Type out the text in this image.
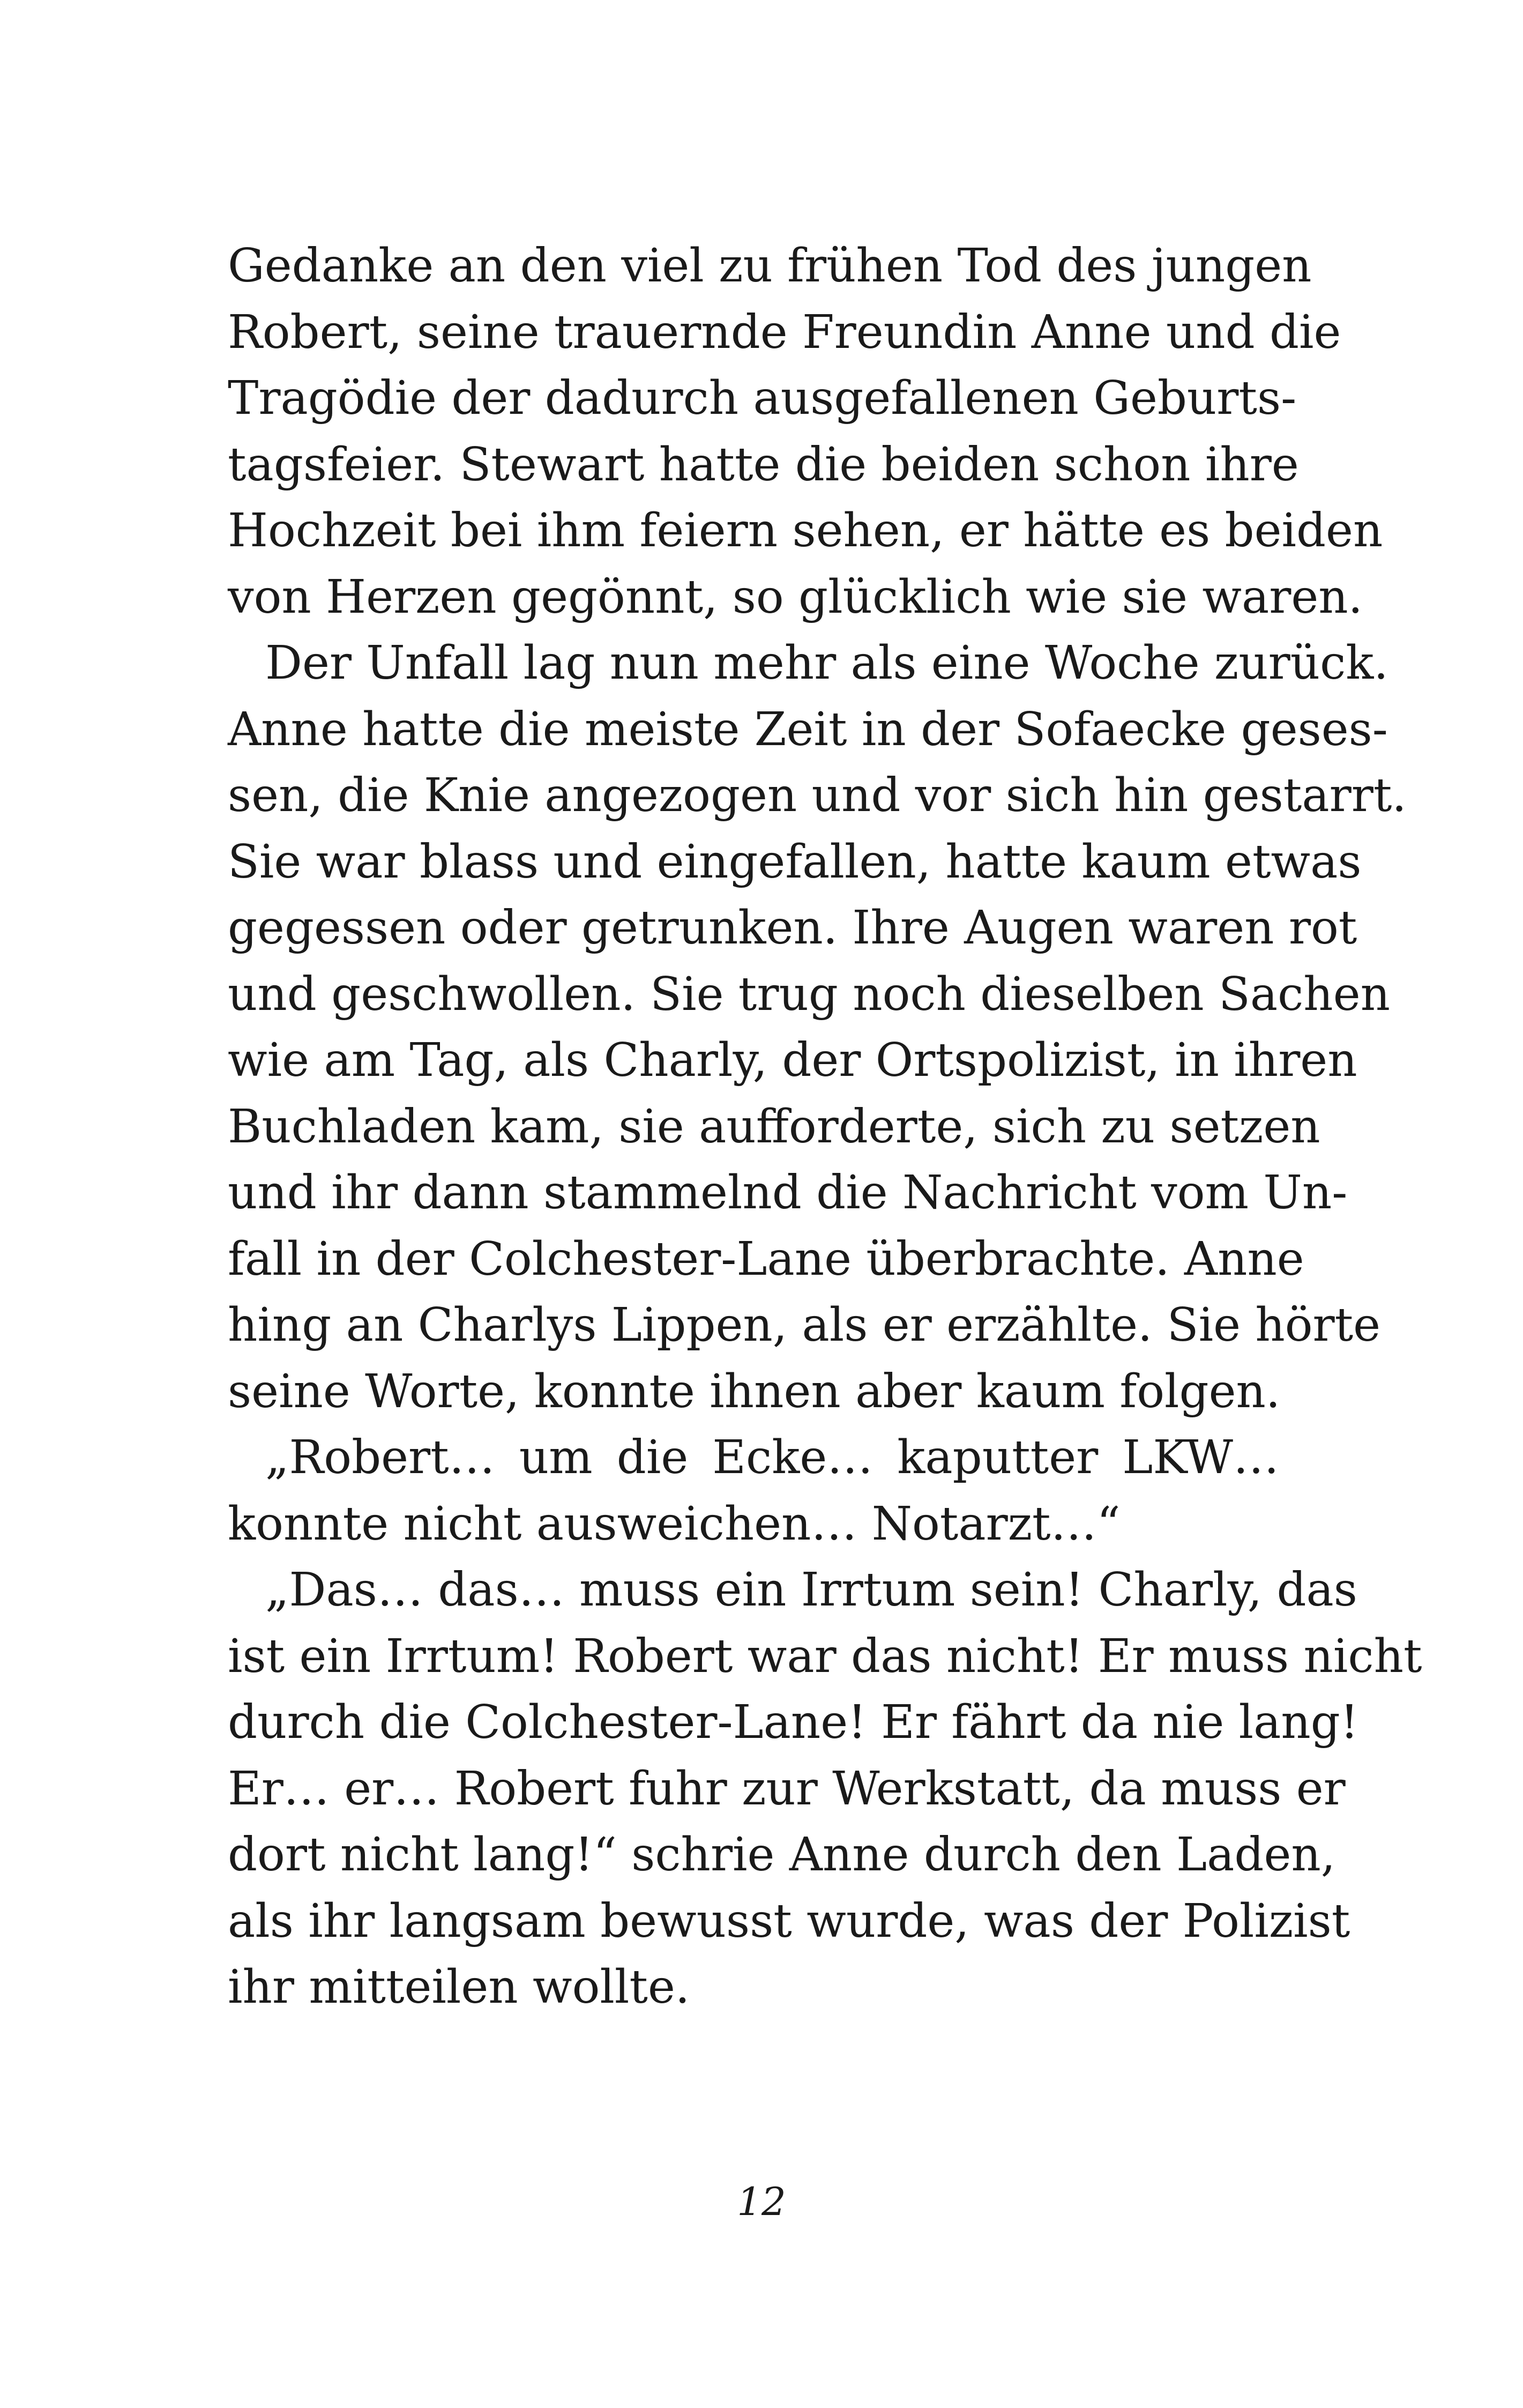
Gedanke an den viel zu frühen Tod des jungen
Robert, seine trauernde Freundin Anne und die
Tragödie der dadurch ausgefallenen Geburts-
tagsfeier. Stewart hatte die beiden schon ihre
Hochzeit bei ihm feiern sehen, er hätte es beiden
von Herzen gegönnt, so glücklich wie sie waren.
Der Unfall lag nun mehr als eine Woche zurück.
Anne hatte die meiste Zeit in der Sofaecke geses-
sen, die Knie angezogen und vor sich hin gestarrt.
Sie war blass und eingefallen, hatte kaum etwas
gegessen oder getrunken. Ihre Augen waren rot
und geschwollen. Sie trug noch dieselben Sachen
wie am Tag, als Charly, der Ortspolizist, in ihren
Buchladen kam, sie aufforderte, sich zu setzen
und ihr dann stammelnd die Nachricht vom Un-
fall in der Colchester-Lane überbrachte. Anne
hing an Charlys Lippen, als er erzählte. Sie hörte
seine Worte, konnte ihnen aber kaum folgen.
„Robert… um die Ecke… kaputter LKW…
konnte nicht ausweichen… Notarzt…“
„Das… das… muss ein Irrtum sein! Charly, das
ist ein Irrtum! Robert war das nicht! Er muss nicht
durch die Colchester-Lane! Er fährt da nie lang!
Er… er… Robert fuhr zur Werkstatt, da muss er
dort nicht lang!“ schrie Anne durch den Laden,
als ihr langsam bewusst wurde, was der Polizist
ihr mitteilen wollte.
12
